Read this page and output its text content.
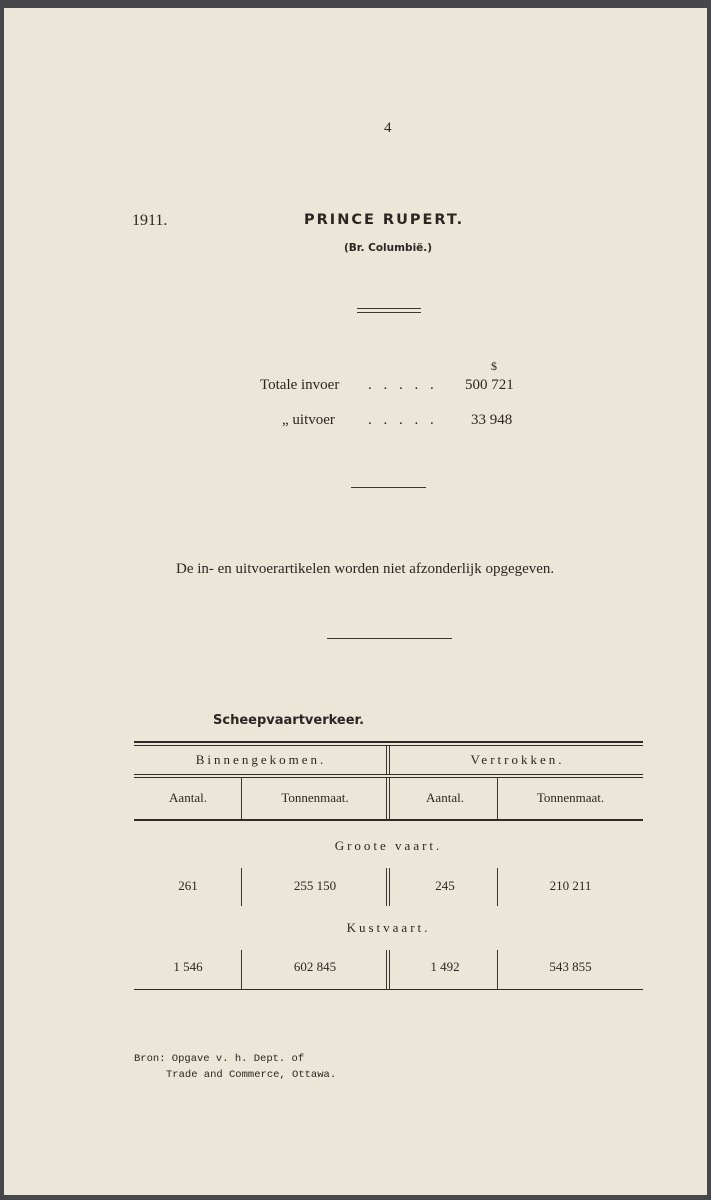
4
1911.	PRINCE RUPERT.
(Br. Columbië.)
$
Totale invoer . . . . . 500 721
„ uitvoer . . . . . 33 948
De in- en uitvoerartikelen worden niet afzonderlijk opgegeven.
Scheepvaartverkeer.
Binnengekomen.	Vertrokken.
Aantal.	Tonnenmaat.	Aantal.	Tonnenmaat.
Groote vaart.
261	255 150	245	210 211
Kustvaart.
1 546	602 845	1 492	543 855
Bron: Opgave v. h. Dept. of
Trade and Commerce, Ottawa.
